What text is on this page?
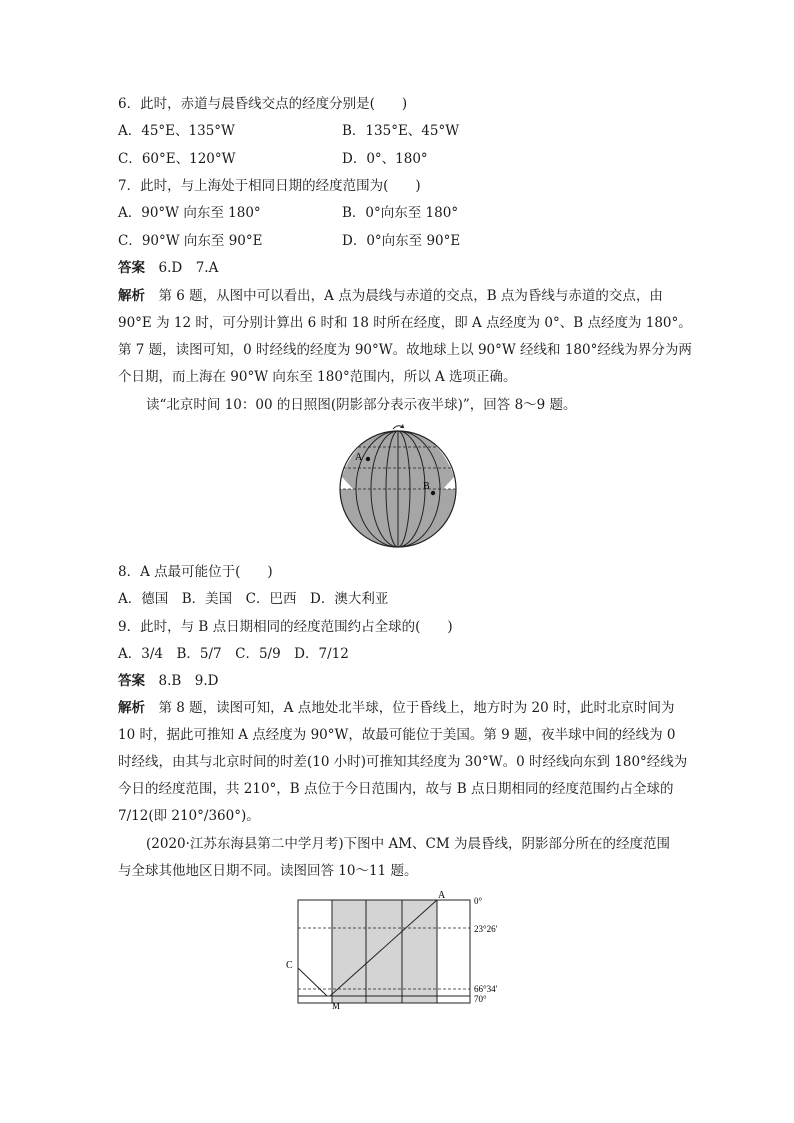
6．此时，赤道与晨昏线交点的经度分别是(　　)
A．45°E、135°W	B．135°E、45°W
C．60°E、120°W	D．0°、180°
7．此时，与上海处于相同日期的经度范围为(　　)
A．90°W 向东至 180°	B．0°向东至 180°
C．90°W 向东至 90°E	D．0°向东至 90°E
答案　 6.D　7.A
解析　 第 6 题，从图中可以看出，A 点为晨线与赤道的交点，B 点为昏线与赤道的交点，由
90°E 为 12 时，可分别计算出 6 时和 18 时所在经度，即 A 点经度为 0°、B 点经度为 180°。
第 7 题，读图可知，0 时经线的经度为 90°W。故地球上以 90°W 经线和 180°经线为界分为两
个日期，而上海在 90°W 向东至 180°范围内，所以 A 选项正确。
读“北京时间 10：00 的日照图(阴影部分表示夜半球)”，回答 8～9 题。
A
B
8．A 点最可能位于(　　)
A．德国　B．美国　C．巴西　D．澳大利亚
9．此时，与 B 点日期相同的经度范围约占全球的(　　)
A．3/4　B．5/7　C．5/9　D．7/12
答案　 8.B　9.D
解析　 第 8 题，读图可知，A 点地处北半球，位于昏线上，地方时为 20 时，此时北京时间为
10 时，据此可推知 A 点经度为 90°W，故最可能位于美国。第 9 题，夜半球中间的经线为 0
时经线，由其与北京时间的时差(10 小时)可推知其经度为 30°W。0 时经线向东到 180°经线为
今日的经度范围，共 210°，B 点位于今日范围内，故与 B 点日期相同的经度范围约占全球的
7/12(即 210°/360°)。
(2020·江苏东海县第二中学月考)下图中 AM、CM 为晨昏线，阴影部分所在的经度范围
与全球其他地区日期不同。读图回答 10～11 题。
A
C
M
0°
23°26′
66°34′
70°
